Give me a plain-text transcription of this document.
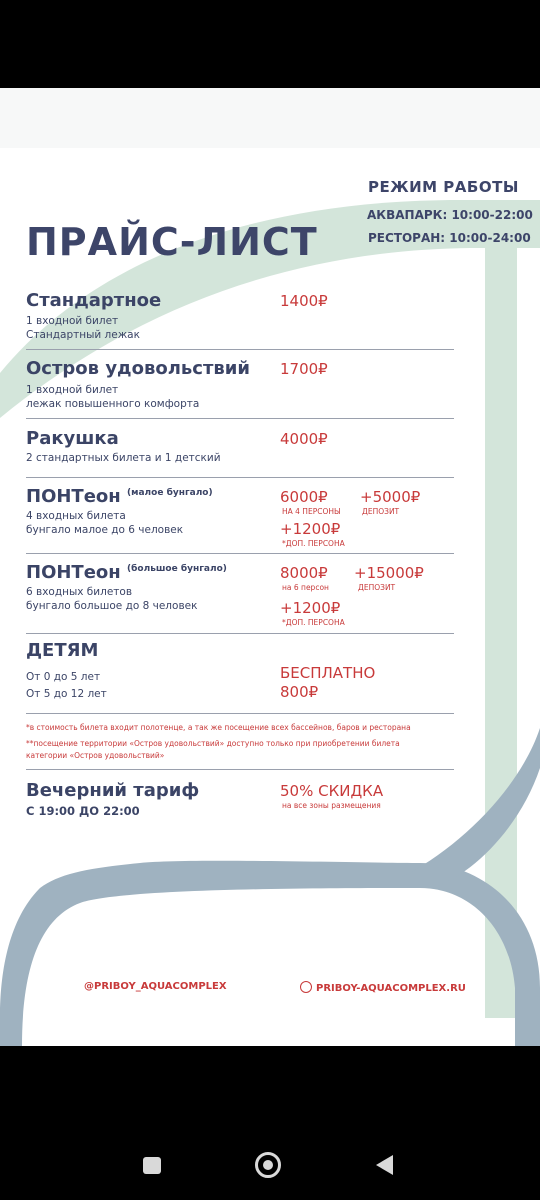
ПРАЙС-ЛИСТ
РЕЖИМ РАБОТЫ
АКВАПАРК: 10:00-22:00
РЕСТОРАН: 10:00-24:00
Стандартное
1 входной билет
Стандартный лежак
1400₽
Остров удовольствий
1 входной билет
лежак повышенного комфорта
1700₽
Ракушка
2 стандартных билета и 1 детский
4000₽
ПОНТеон $^{(малое бунгало)}$
4 входных билета
бунгало малое до 6 человек
6000₽
НА 4 ПЕРСОНЫ
+5000₽
ДЕПОЗИТ
+1200₽
*ДОП. ПЕРСОНА
ПОНТеон $^{(большое бунгало)}$
6 входных билетов
бунгало большое до 8 человек
8000₽
на 6 персон
+15000₽
ДЕПОЗИТ
+1200₽
*ДОП. ПЕРСОНА
ДЕТЯМ
От 0 до 5 лет	БЕСПЛАТНО
От 5 до 12 лет	800₽
*в стоимость билета входит полотенце, а так же посещение всех бассейнов, баров и ресторана
**посещение территории «Остров удовольствий» доступно только при приобретении билета
категории «Остров удовольствий»
Вечерний тариф
С 19:00 ДО 22:00
50% СКИДКА
на все зоны размещения
@PRIBOY_AQUACOMPLEX	PRIBOY-AQUACOMPLEX.RU
